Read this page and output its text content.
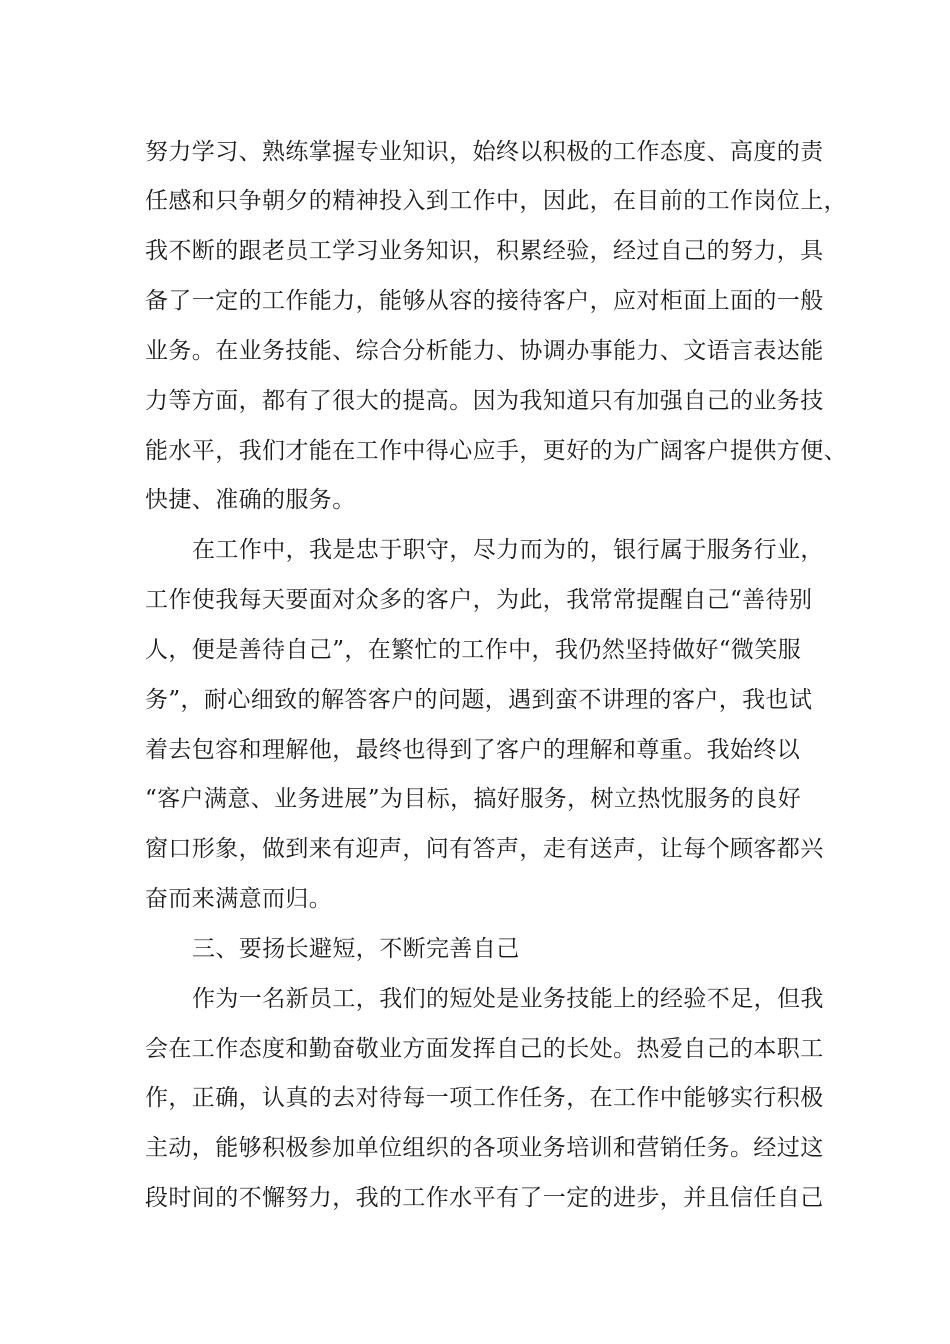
努力学习、熟练掌握专业知识，始终以积极的工作态度、高度的责
任感和只争朝夕的精神投入到工作中，因此，在目前的工作岗位上，
我不断的跟老员工学习业务知识，积累经验，经过自己的努力，具
备了一定的工作能力，能够从容的接待客户，应对柜面上面的一般
业务。在业务技能、综合分析能力、协调办事能力、文语言表达能
力等方面，都有了很大的提高。因为我知道只有加强自己的业务技
能水平，我们才能在工作中得心应手，更好的为广阔客户提供方便、
快捷、准确的服务。
在工作中，我是忠于职守，尽力而为的，银行属于服务行业，
工作使我每天要面对众多的客户，为此，我常常提醒自己“善待别
人，便是善待自己”，在繁忙的工作中，我仍然坚持做好“微笑服
务”，耐心细致的解答客户的问题，遇到蛮不讲理的客户，我也试
着去包容和理解他，最终也得到了客户的理解和尊重。我始终以
“客户满意、业务进展”为目标，搞好服务，树立热忱服务的良好
窗口形象，做到来有迎声，问有答声，走有送声，让每个顾客都兴
奋而来满意而归。
三、要扬长避短，不断完善自己
作为一名新员工，我们的短处是业务技能上的经验不足，但我
会在工作态度和勤奋敬业方面发挥自己的长处。热爱自己的本职工
作，正确，认真的去对待每一项工作任务，在工作中能够实行积极
主动，能够积极参加单位组织的各项业务培训和营销任务。经过这
段时间的不懈努力，我的工作水平有了一定的进步，并且信任自己
